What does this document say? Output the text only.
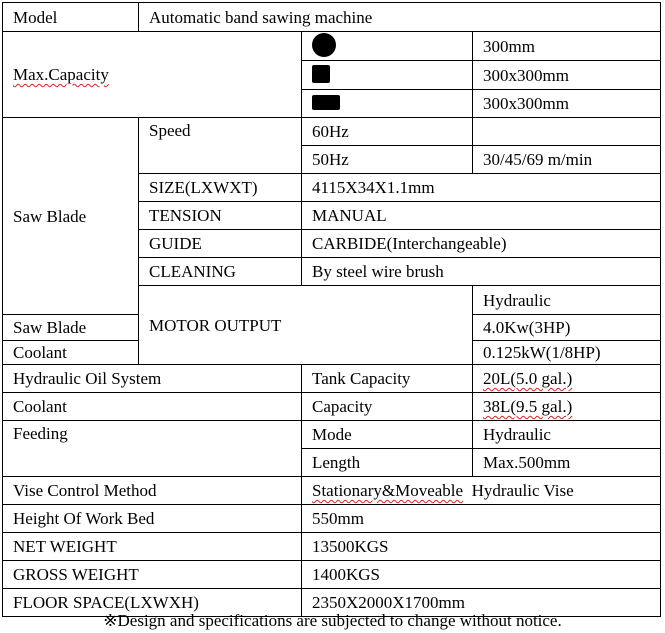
Model	Automatic band sawing machine			
Max.Capacity			300mm	
			300x300mm	
			300x300mm	
Saw Blade	Speed	60Hz		
		50Hz	30/45/69 m/min	
	SIZE(LXWXT)	4115X34X1.1mm		
	TENSION	MANUAL		
	GUIDE	CARBIDE(Interchangeable)		
	CLEANING	By steel wire brush		
	MOTOR OUTPUT		Hydraulic	
Saw Blade			4.0Kw(3HP)	
Coolant			0.125kW(1/8HP)	
Hydraulic Oil System		Tank Capacity	20L(5.0 gal.)	
Coolant		Capacity	38L(9.5 gal.)	
Feeding		Mode	Hydraulic	
		Length	Max.500mm	
Vise Control Method		Stationary&Moveable Hydraulic Vise		
Height Of Work Bed		550mm		
NET WEIGHT		13500KGS		
GROSS WEIGHT		1400KGS		
FLOOR SPACE(LXWXH)		2350X2000X1700mm		
※Design and specifications are subjected to change without notice.
